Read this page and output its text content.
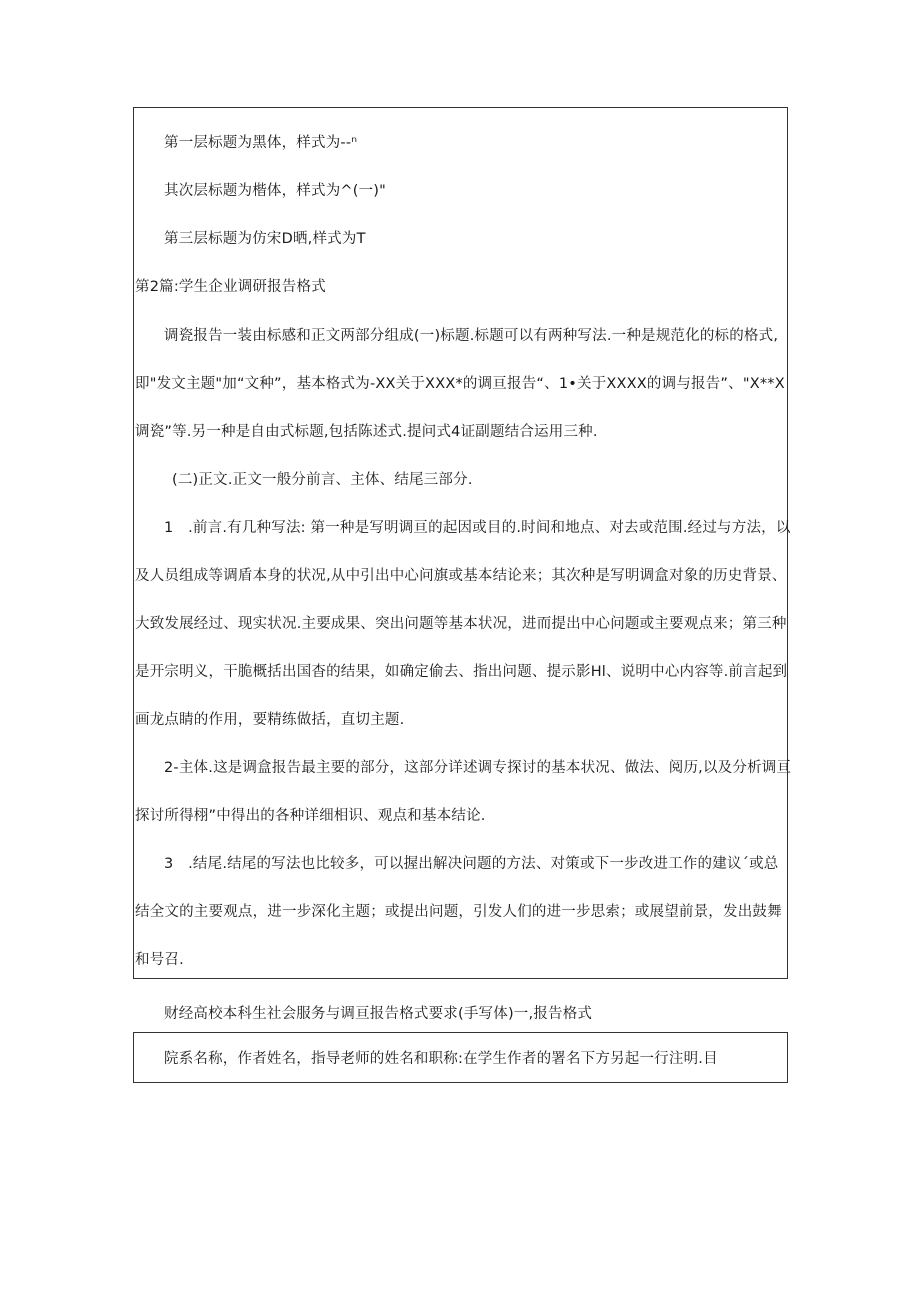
第一层标题为黑体，样式为--ⁿ
其次层标题为楷体，样式为^(一)"
第三层标题为仿宋D晒,样式为T
第2篇:学生企业调研报告格式
调瓷报告一装由标感和正文两部分组成(一)标题.标题可以有两种写法.一种是规范化的标的格式,
即"发文主题"加“文种”，基本格式为-XX关于XXX*的调亘报告“、1•关于XXXX的调与报告”、"X**X
调瓷”等.另一种是自由式标题,包括陈述式.提问式4证副题结合运用三种.
(二)正文.正文一般分前言、主体、结尾三部分.
1　.前言.有几种写法: 第一种是写明调亘的起因或目的.时间和地点、对去或范围.经过与方法，以
及人员组成等调盾本身的状况,从中引出中心问旗或基本结论来；其次种是写明调盒对象的历史背景、
大致发展经过、现实状况.主要成果、突出问题等基本状况，进而提出中心问题或主要观点来；第三种
是开宗明义，干脆概括出国杳的结果，如确定偷去、指出问题、提示影Hl、说明中心内容等.前言起到
画龙点睛的作用，要精练做括，直切主题.
2-主体.这是调盒报告最主要的部分，这部分详述调专探讨的基本状况、做法、阅历,以及分析调亘
探讨所得栩”中得出的各种详细相识、观点和基本结论.
3　.结尾.结尾的写法也比较多，可以握出解决问题的方法、对策或下一步改进工作的建议ˊ或总
结全文的主要观点，进一步深化主题；或提出问题，引发人们的进一步思索；或展望前景，发出鼓舞
和号召.
财经高校本科生社会服务与调亘报告格式要求(手写体)一,报告格式
院系名称，作者姓名，指导老师的姓名和职称:在学生作者的署名下方另起一行注明.目
